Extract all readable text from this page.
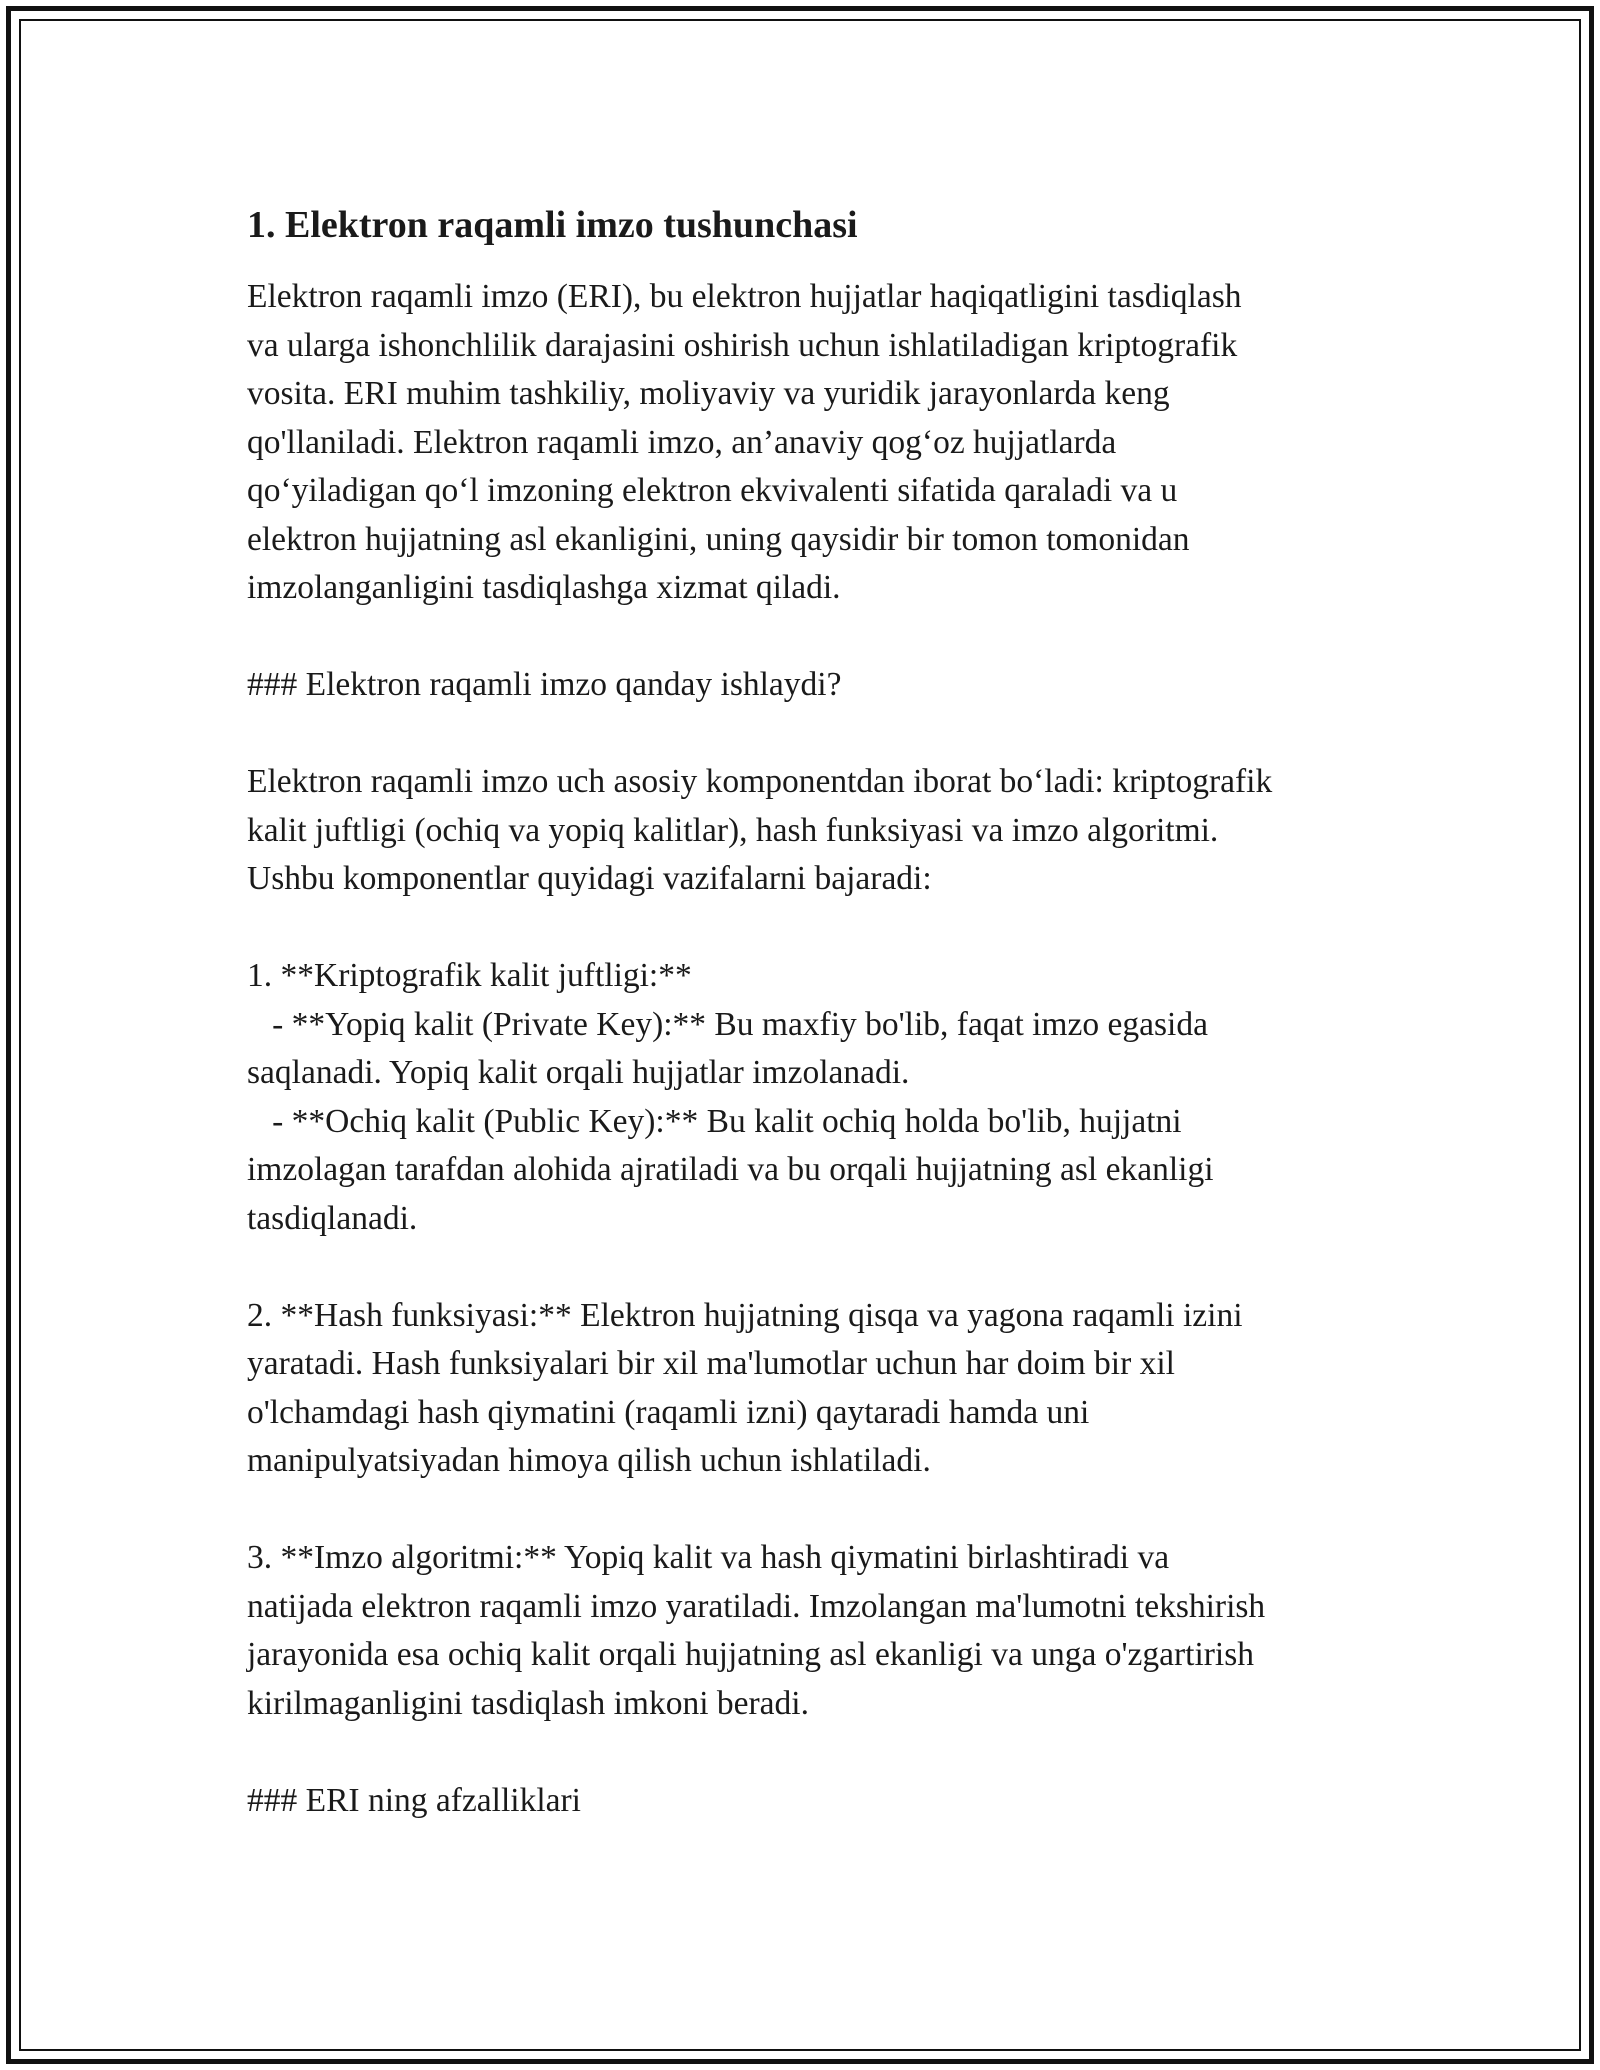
1. Elektron raqamli imzo tushunchasi

Elektron raqamli imzo (ERI), bu elektron hujjatlar haqiqatligini tasdiqlash
va ularga ishonchlilik darajasini oshirish uchun ishlatiladigan kriptografik
vosita. ERI muhim tashkiliy, moliyaviy va yuridik jarayonlarda keng
qo'llaniladi. Elektron raqamli imzo, an’anaviy qog‘oz hujjatlarda
qo‘yiladigan qo‘l imzoning elektron ekvivalenti sifatida qaraladi va u
elektron hujjatning asl ekanligini, uning qaysidir bir tomon tomonidan
imzolanganligini tasdiqlashga xizmat qiladi.

### Elektron raqamli imzo qanday ishlaydi?

Elektron raqamli imzo uch asosiy komponentdan iborat bo‘ladi: kriptografik
kalit juftligi (ochiq va yopiq kalitlar), hash funksiyasi va imzo algoritmi.
Ushbu komponentlar quyidagi vazifalarni bajaradi:

1. **Kriptografik kalit juftligi:**
- **Yopiq kalit (Private Key):** Bu maxfiy bo'lib, faqat imzo egasida
saqlanadi. Yopiq kalit orqali hujjatlar imzolanadi.
- **Ochiq kalit (Public Key):** Bu kalit ochiq holda bo'lib, hujjatni
imzolagan tarafdan alohida ajratiladi va bu orqali hujjatning asl ekanligi
tasdiqlanadi.

2. **Hash funksiyasi:** Elektron hujjatning qisqa va yagona raqamli izini
yaratadi. Hash funksiyalari bir xil ma'lumotlar uchun har doim bir xil
o'lchamdagi hash qiymatini (raqamli izni) qaytaradi hamda uni
manipulyatsiyadan himoya qilish uchun ishlatiladi.

3. **Imzo algoritmi:** Yopiq kalit va hash qiymatini birlashtiradi va
natijada elektron raqamli imzo yaratiladi. Imzolangan ma'lumotni tekshirish
jarayonida esa ochiq kalit orqali hujjatning asl ekanligi va unga o'zgartirish
kirilmaganligini tasdiqlash imkoni beradi.

### ERI ning afzalliklari
